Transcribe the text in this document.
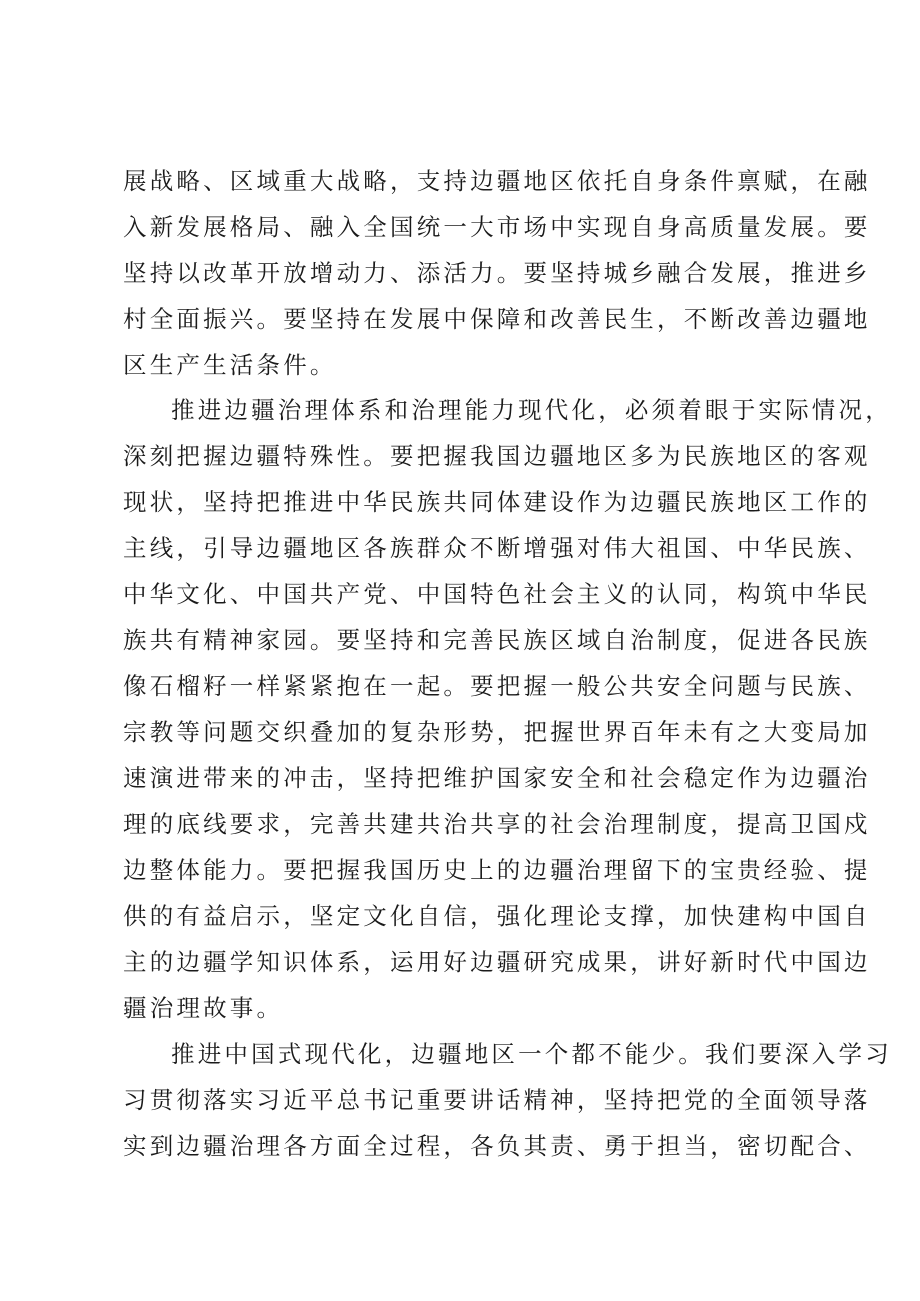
展战略、区域重大战略，支持边疆地区依托自身条件禀赋，在融
入新发展格局、融入全国统一大市场中实现自身高质量发展。要
坚持以改革开放增动力、添活力。要坚持城乡融合发展，推进乡
村全面振兴。要坚持在发展中保障和改善民生，不断改善边疆地
区生产生活条件。
推进边疆治理体系和治理能力现代化，必须着眼于实际情况，
深刻把握边疆特殊性。要把握我国边疆地区多为民族地区的客观
现状，坚持把推进中华民族共同体建设作为边疆民族地区工作的
主线，引导边疆地区各族群众不断增强对伟大祖国、中华民族、
中华文化、中国共产党、中国特色社会主义的认同，构筑中华民
族共有精神家园。要坚持和完善民族区域自治制度，促进各民族
像石榴籽一样紧紧抱在一起。要把握一般公共安全问题与民族、
宗教等问题交织叠加的复杂形势，把握世界百年未有之大变局加
速演进带来的冲击，坚持把维护国家安全和社会稳定作为边疆治
理的底线要求，完善共建共治共享的社会治理制度，提高卫国戍
边整体能力。要把握我国历史上的边疆治理留下的宝贵经验、提
供的有益启示，坚定文化自信，强化理论支撑，加快建构中国自
主的边疆学知识体系，运用好边疆研究成果，讲好新时代中国边
疆治理故事。
推进中国式现代化，边疆地区一个都不能少。我们要深入学习
习贯彻落实习近平总书记重要讲话精神，坚持把党的全面领导落
实到边疆治理各方面全过程，各负其责、勇于担当，密切配合、
